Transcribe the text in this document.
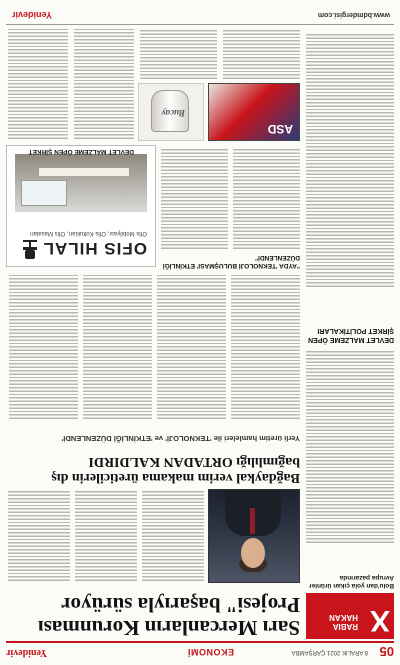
05
8 ARALIK 2021 ÇARŞAMBA
EKONOMİ
Yenidevir
Sarı Mercanların Korunması Projesi" başarıyla sürüyor X
RABIA HAKAN
Bolu'dan yola çıkan ürünler Avrupa pazarında
DEVLET MALZEME ÖPEN ŞİRKET POLİTİKALARI
Bağdaykal verim makama üreticilerin dış bağımlılığı ORTADAN KALDIRDI
Yerli üretim hamleleri ile 'TEKNOLOJİ' ve 'ETKİNLİĞİ DÜZENLENDİ'
"AYDA 'TEKNOLOJİ BULUŞMASI' ETKİNLİĞİ DÜZENLENDİ"
OFIS HILAL
Ofis Mobilyası, Ofis Koltukları, Ofis Masaları
DEVLET MALZEME ÖPEN ŞİRKET
ASD
Bucay
www.bdmdergisi.com
Yenidevir
